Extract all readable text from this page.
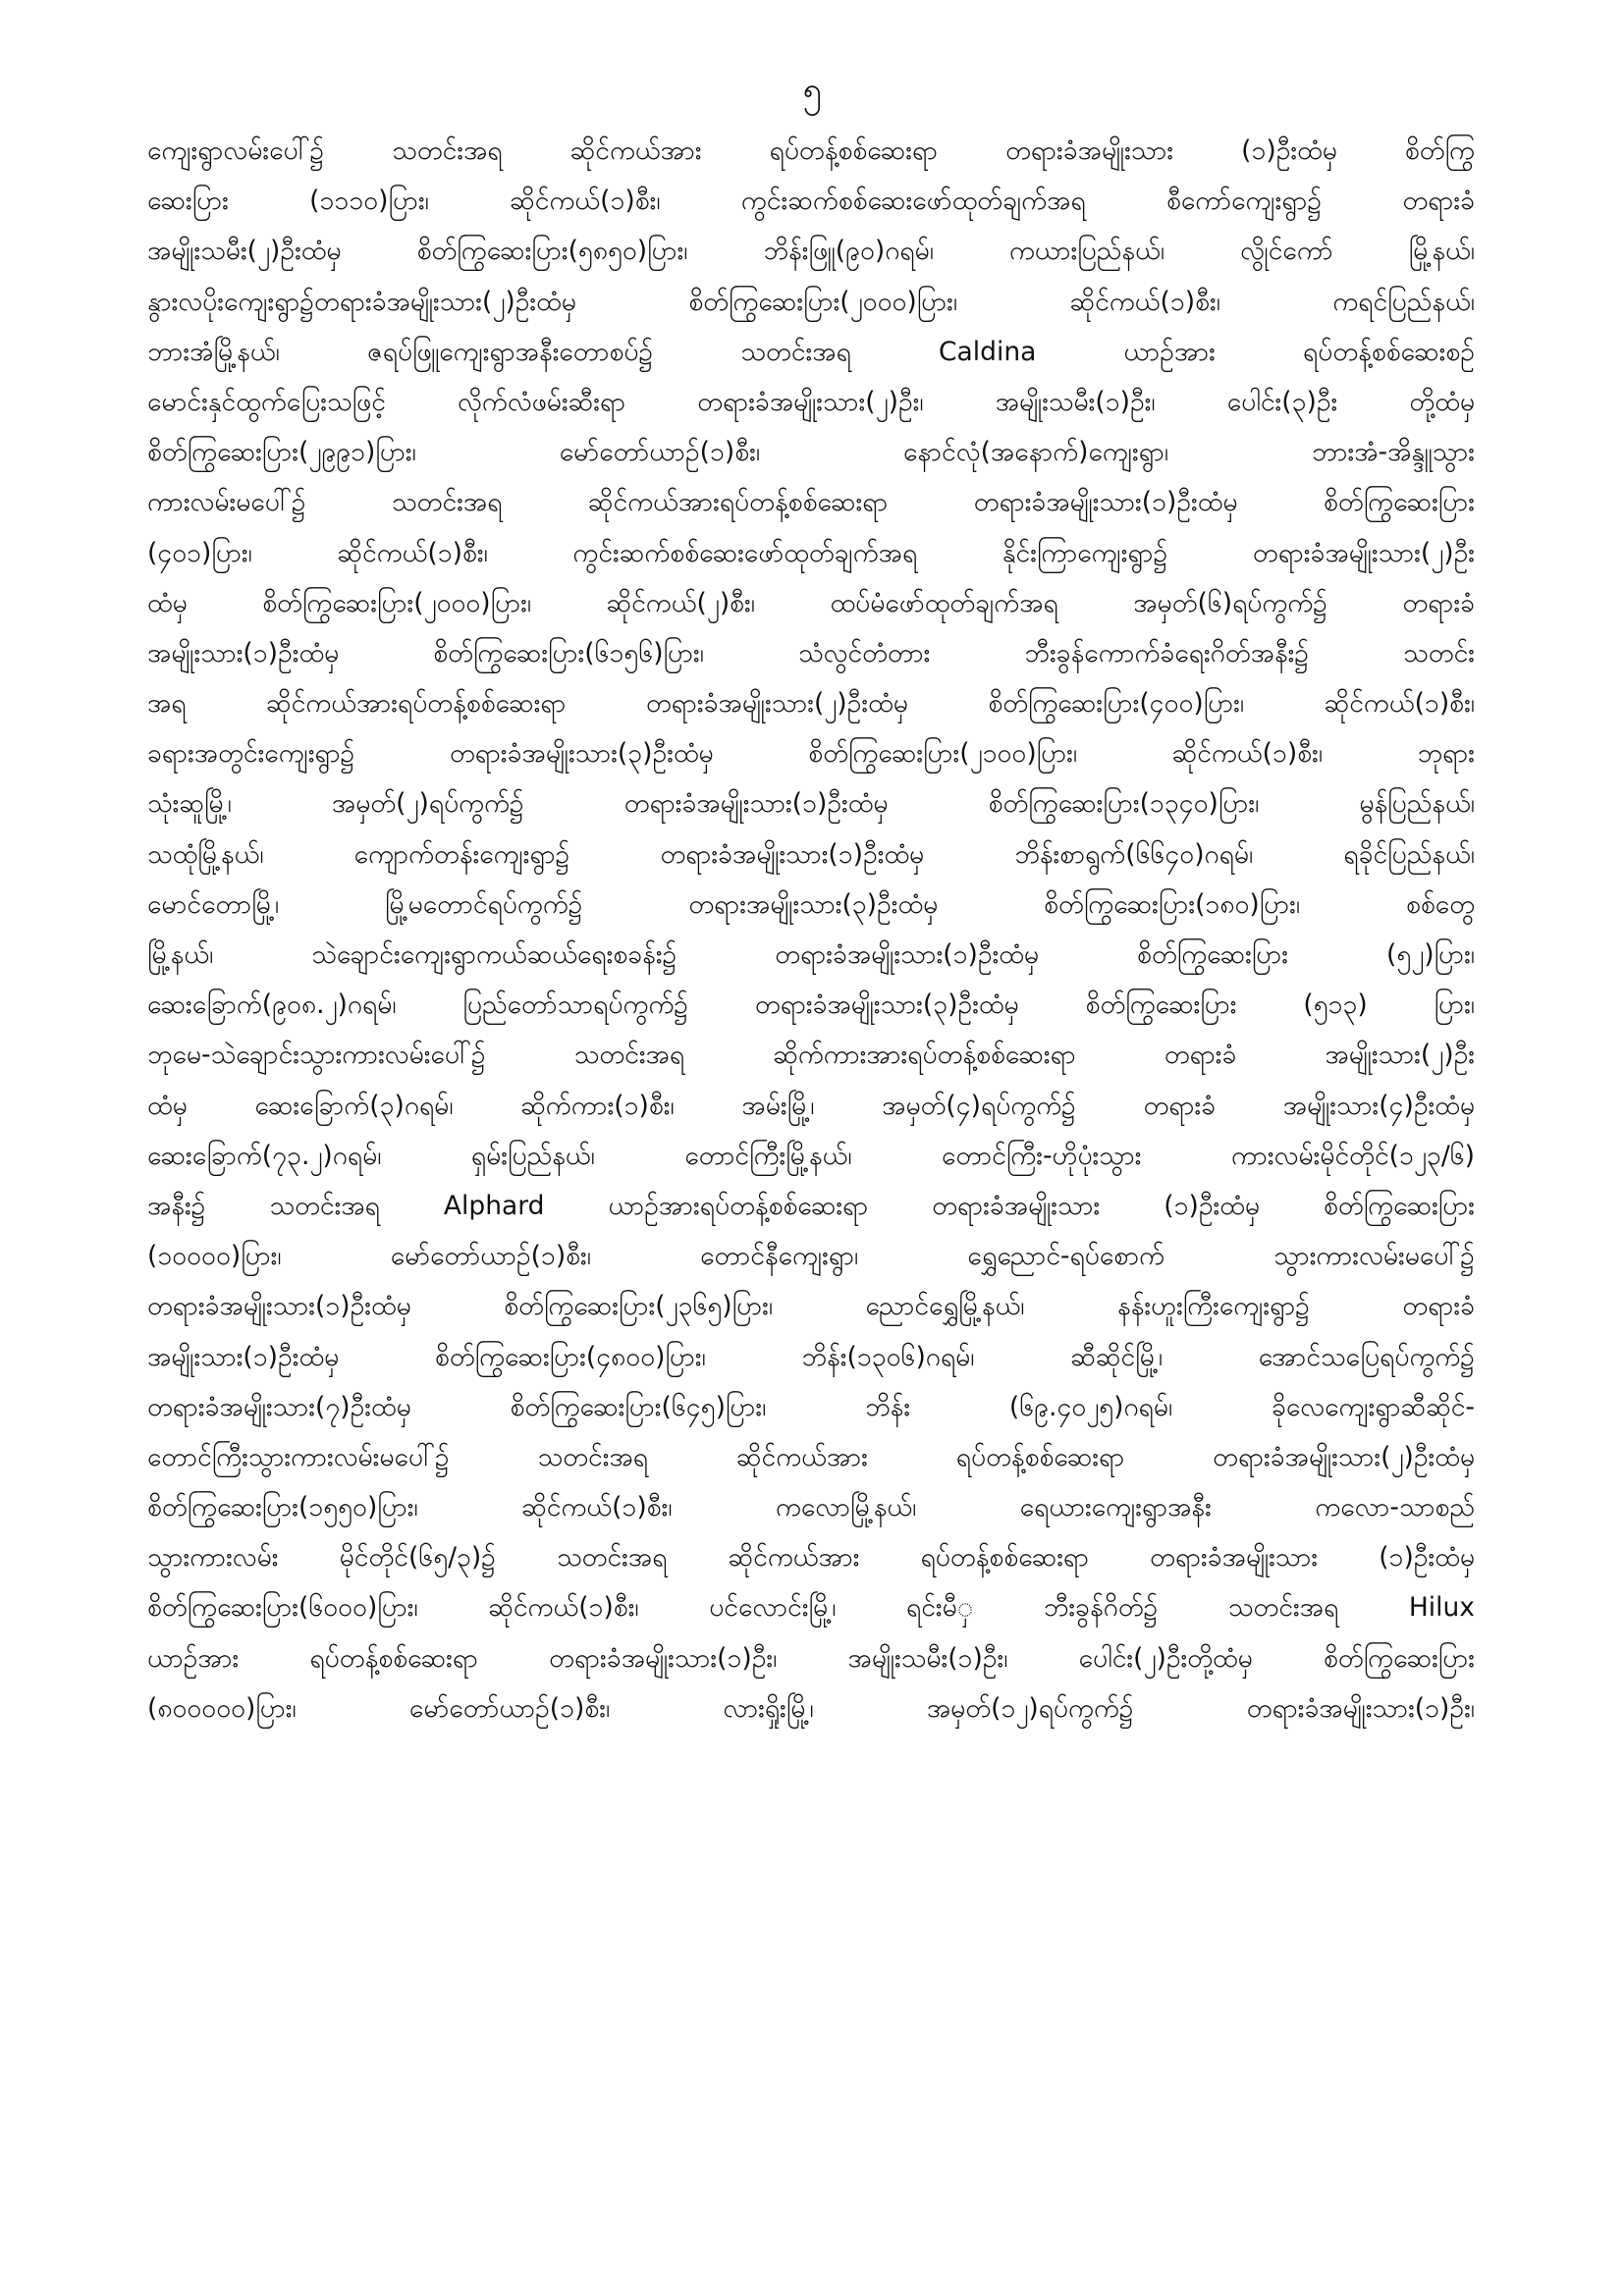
၅
ကျေးရွာလမ်းပေါ်၌ သတင်းအရ ဆိုင်ကယ်အား ရပ်တန့်စစ်ဆေးရာ တရားခံအမျိုးသား (၁)ဦးထံမှ စိတ်ကြွ
ဆေးပြား (၁၁၁၀)ပြား၊ ဆိုင်ကယ်(၁)စီး၊ ကွင်းဆက်စစ်ဆေးဖော်ထုတ်ချက်အရ စီကော်ကျေးရွာ၌ တရားခံ
အမျိုးသမီး(၂)ဦးထံမှ စိတ်ကြွဆေးပြား(၅၈၅၀)ပြား၊ ဘိန်းဖြူ(၉၀)ဂရမ်၊ ကယားပြည်နယ်၊ လွိုင်ကော် မြို့နယ်၊
နွားလပိုးကျေးရွာ၌တရားခံအမျိုးသား(၂)ဦးထံမှ စိတ်ကြွဆေးပြား(၂၀၀၀)ပြား၊ ဆိုင်ကယ်(၁)စီး၊ ကရင်ပြည်နယ်၊
ဘားအံမြို့နယ်၊ ဇရပ်ဖြူကျေးရွာအနီးတောစပ်၌ သတင်းအရ Caldina ယာဉ်အား ရပ်တန့်စစ်ဆေးစဉ်
မောင်းနှင်ထွက်ပြေးသဖြင့် လိုက်လံဖမ်းဆီးရာ တရားခံအမျိုးသား(၂)ဦး၊ အမျိုးသမီး(၁)ဦး၊ ပေါင်း(၃)ဦး တို့ထံမှ
စိတ်ကြွဆေးပြား(၂၉၉၁)ပြား၊ မော်တော်ယာဉ်(၁)စီး၊ နောင်လုံ(အနောက်)ကျေးရွာ၊ ဘားအံ-အိန္ဒူသွား
ကားလမ်းမပေါ်၌ သတင်းအရ ဆိုင်ကယ်အားရပ်တန့်စစ်ဆေးရာ တရားခံအမျိုးသား(၁)ဦးထံမှ စိတ်ကြွဆေးပြား
(၄၀၁)ပြား၊ ဆိုင်ကယ်(၁)စီး၊ ကွင်းဆက်စစ်ဆေးဖော်ထုတ်ချက်အရ နိုင်းကြာကျေးရွာ၌ တရားခံအမျိုးသား(၂)ဦး
ထံမှ စိတ်ကြွဆေးပြား(၂၀၀၀)ပြား၊ ဆိုင်ကယ်(၂)စီး၊ ထပ်မံဖော်ထုတ်ချက်အရ အမှတ်(၆)ရပ်ကွက်၌ တရားခံ
အမျိုးသား(၁)ဦးထံမှ စိတ်ကြွဆေးပြား(၆၁၅၆)ပြား၊ သံလွင်တံတား ဘီးခွန်ကောက်ခံရေးဂိတ်အနီး၌ သတင်း
အရ ဆိုင်ကယ်အားရပ်တန့်စစ်ဆေးရာ တရားခံအမျိုးသား(၂)ဦးထံမှ စိတ်ကြွဆေးပြား(၄၀၀)ပြား၊ ဆိုင်ကယ်(၁)စီး၊
ခရားအတွင်းကျေးရွာ၌ တရားခံအမျိုးသား(၃)ဦးထံမှ စိတ်ကြွဆေးပြား(၂၁၀၀)ပြား၊ ဆိုင်ကယ်(၁)စီး၊ ဘုရား
သုံးဆူမြို့၊ အမှတ်(၂)ရပ်ကွက်၌ တရားခံအမျိုးသား(၁)ဦးထံမှ စိတ်ကြွဆေးပြား(၁၃၄၀)ပြား၊ မွန်ပြည်နယ်၊
သထုံမြို့နယ်၊ ကျောက်တန်းကျေးရွာ၌ တရားခံအမျိုးသား(၁)ဦးထံမှ ဘိန်းစာရွက်(၆၆၄၀)ဂရမ်၊ ရခိုင်ပြည်နယ်၊
မောင်တောမြို့၊ မြို့မတောင်ရပ်ကွက်၌ တရားအမျိုးသား(၃)ဦးထံမှ စိတ်ကြွဆေးပြား(၁၈၀)ပြား၊ စစ်တွေ
မြို့နယ်၊ သဲချောင်းကျေးရွာကယ်ဆယ်ရေးစခန်း၌ တရားခံအမျိုးသား(၁)ဦးထံမှ စိတ်ကြွဆေးပြား (၅၂)ပြား၊
ဆေးခြောက်(၉၀၈.၂)ဂရမ်၊ ပြည်တော်သာရပ်ကွက်၌ တရားခံအမျိုးသား(၃)ဦးထံမှ စိတ်ကြွဆေးပြား (၅၁၃) ပြား၊
ဘုမေ-သဲချောင်းသွားကားလမ်းပေါ်၌ သတင်းအရ ဆိုက်ကားအားရပ်တန့်စစ်ဆေးရာ တရားခံ အမျိုးသား(၂)ဦး
ထံမှ ဆေးခြောက်(၃)ဂရမ်၊ ဆိုက်ကား(၁)စီး၊ အမ်းမြို့၊ အမှတ်(၄)ရပ်ကွက်၌ တရားခံ အမျိုးသား(၄)ဦးထံမှ
ဆေးခြောက်(၇၃.၂)ဂရမ်၊ ရှမ်းပြည်နယ်၊ တောင်ကြီးမြို့နယ်၊ တောင်ကြီး-ဟိုပုံးသွား ကားလမ်းမိုင်တိုင်(၁၂၃/၆)
အနီး၌ သတင်းအရ Alphard ယာဉ်အားရပ်တန့်စစ်ဆေးရာ တရားခံအမျိုးသား (၁)ဦးထံမှ စိတ်ကြွဆေးပြား
(၁၀၀၀၀)ပြား၊ မော်တော်ယာဉ်(၁)စီး၊ တောင်နီကျေးရွာ၊ ရွှေညောင်-ရပ်စောက် သွားကားလမ်းမပေါ်၌
တရားခံအမျိုးသား(၁)ဦးထံမှ စိတ်ကြွဆေးပြား(၂၃၆၅)ပြား၊ ညောင်ရွှေမြို့နယ်၊ နန်းဟူးကြီးကျေးရွာ၌ တရားခံ
အမျိုးသား(၁)ဦးထံမှ စိတ်ကြွဆေးပြား(၄၈၀၀)ပြား၊ ဘိန်း(၁၃၀၆)ဂရမ်၊ ဆီဆိုင်မြို့၊ အောင်သပြေရပ်ကွက်၌
တရားခံအမျိုးသား(၇)ဦးထံမှ စိတ်ကြွဆေးပြား(၆၄၅)ပြား၊ ဘိန်း (၆၉.၄၀၂၅)ဂရမ်၊ ခိုလေကျေးရွာဆီဆိုင်-
တောင်ကြီးသွားကားလမ်းမပေါ်၌ သတင်းအရ ဆိုင်ကယ်အား ရပ်တန့်စစ်ဆေးရာ တရားခံအမျိုးသား(၂)ဦးထံမှ
စိတ်ကြွဆေးပြား(၁၅၅၀)ပြား၊ ဆိုင်ကယ်(၁)စီး၊ ကလောမြို့နယ်၊ ရေယားကျေးရွာအနီး ကလော-သာစည်
သွားကားလမ်း မိုင်တိုင်(၆၅/၃)၌ သတင်းအရ ဆိုင်ကယ်အား ရပ်တန့်စစ်ဆေးရာ တရားခံအမျိုးသား (၁)ဦးထံမှ
စိတ်ကြွဆေးပြား(၆၀၀၀)ပြား၊ ဆိုင်ကယ်(၁)စီး၊ ပင်လောင်းမြို့၊ ရင်းမီှ ဘီးခွန်ဂိတ်၌ သတင်းအရ Hilux
ယာဉ်အား ရပ်တန့်စစ်ဆေးရာ တရားခံအမျိုးသား(၁)ဦး၊ အမျိုးသမီး(၁)ဦး၊ ပေါင်း(၂)ဦးတို့ထံမှ စိတ်ကြွဆေးပြား
(၈၀၀၀၀၀)ပြား၊ မော်တော်ယာဉ်(၁)စီး၊ လားရှိုးမြို့၊ အမှတ်(၁၂)ရပ်ကွက်၌ တရားခံအမျိုးသား(၁)ဦး၊
